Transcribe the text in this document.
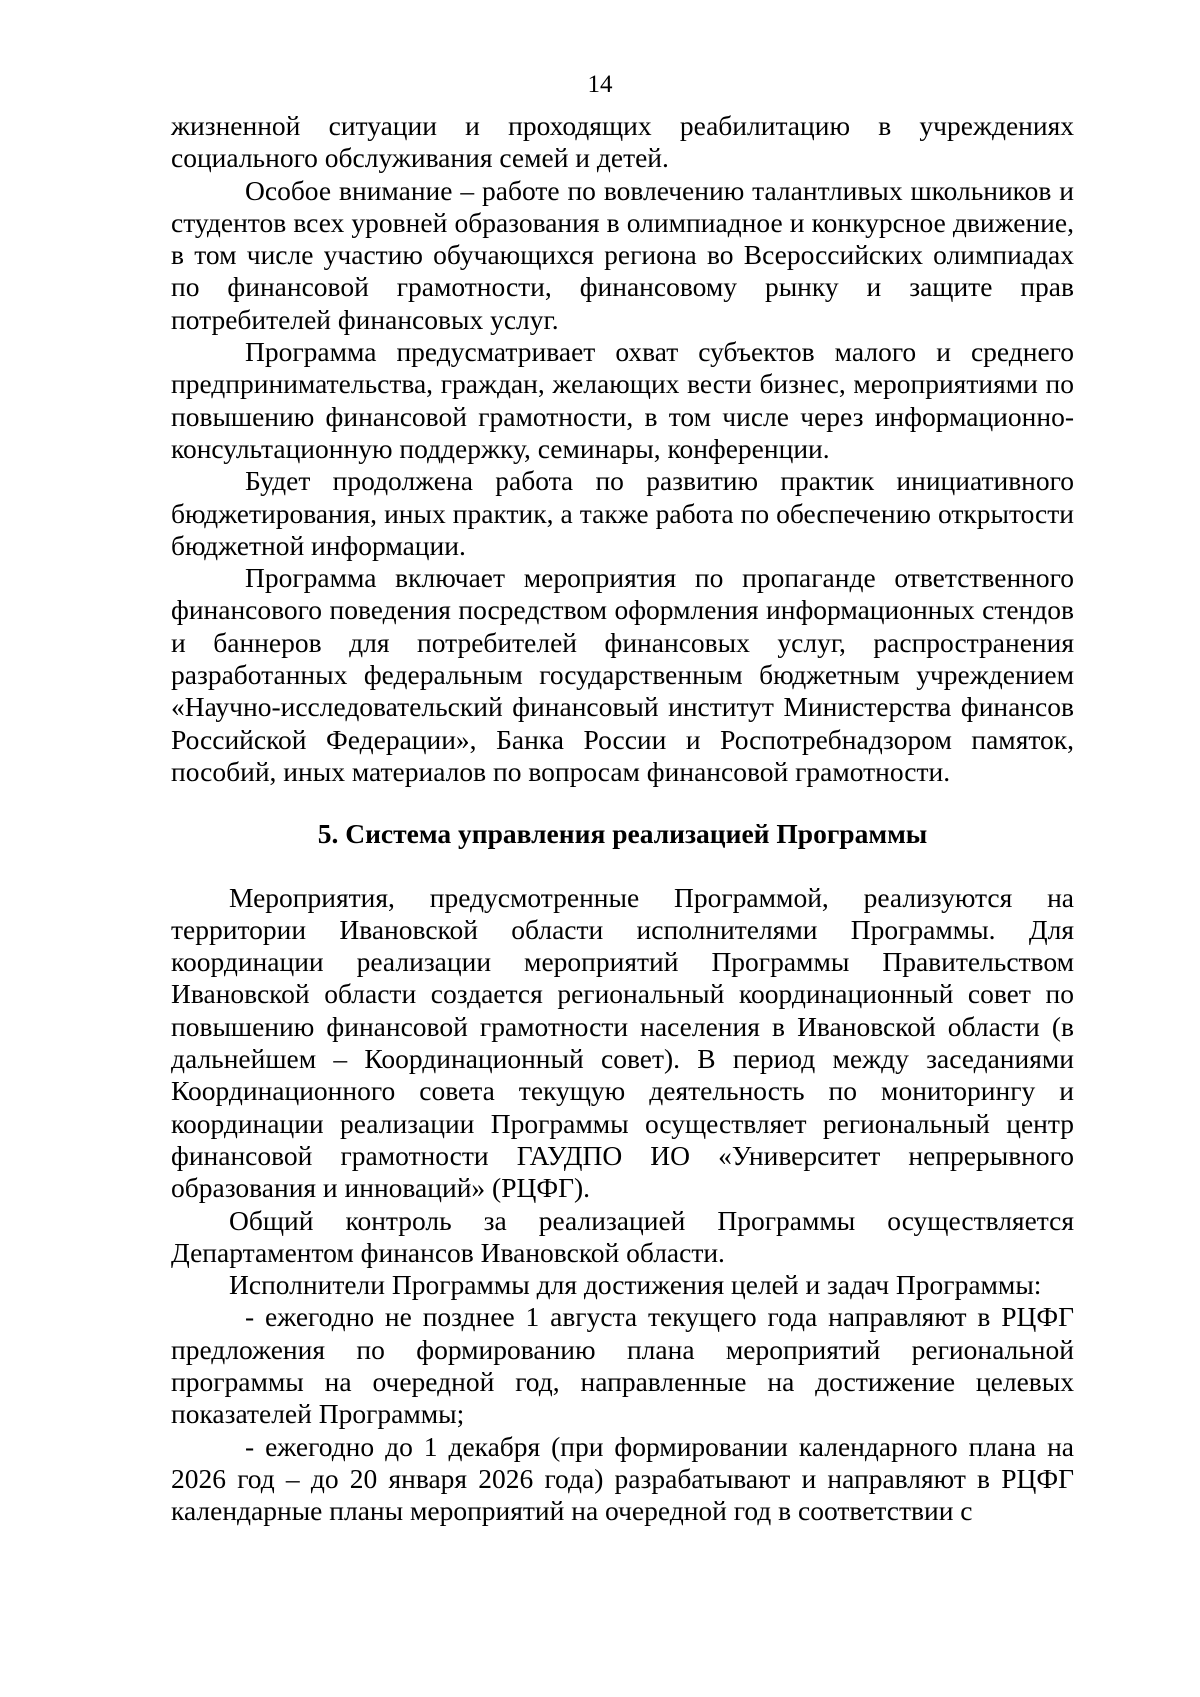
14

жизненной ситуации и проходящих реабилитацию в учреждениях социального обслуживания семей и детей.

Особое внимание – работе по вовлечению талантливых школьников и студентов всех уровней образования в олимпиадное и конкурсное движение, в том числе участию обучающихся региона во Всероссийских олимпиадах по финансовой грамотности, финансовому рынку и защите прав потребителей финансовых услуг.

Программа предусматривает охват субъектов малого и среднего предпринимательства, граждан, желающих вести бизнес, мероприятиями по повышению финансовой грамотности, в том числе через информационно-консультационную поддержку, семинары, конференции.

Будет продолжена работа по развитию практик инициативного бюджетирования, иных практик, а также работа по обеспечению открытости бюджетной информации.

Программа включает мероприятия по пропаганде ответственного финансового поведения посредством оформления информационных стендов и баннеров для потребителей финансовых услуг, распространения разработанных федеральным государственным бюджетным учреждением «Научно-исследовательский финансовый институт Министерства финансов Российской Федерации», Банка России и Роспотребнадзором памяток, пособий, иных материалов по вопросам финансовой грамотности.

5. Система управления реализацией Программы

Мероприятия, предусмотренные Программой, реализуются на территории Ивановской области исполнителями Программы. Для координации реализации мероприятий Программы Правительством Ивановской области создается региональный координационный совет по повышению финансовой грамотности населения в Ивановской области (в дальнейшем – Координационный совет). В период между заседаниями Координационного совета текущую деятельность по мониторингу и координации реализации Программы осуществляет региональный центр финансовой грамотности ГАУДПО ИО «Университет непрерывного образования и инноваций» (РЦФГ).

Общий контроль за реализацией Программы осуществляется Департаментом финансов Ивановской области.

Исполнители Программы для достижения целей и задач Программы:

- ежегодно не позднее 1 августа текущего года направляют в РЦФГ предложения по формированию плана мероприятий региональной программы на очередной год, направленные на достижение целевых показателей Программы;

- ежегодно до 1 декабря (при формировании календарного плана на 2026 год – до 20 января 2026 года) разрабатывают и направляют в РЦФГ календарные планы мероприятий на очередной год в соответствии с
